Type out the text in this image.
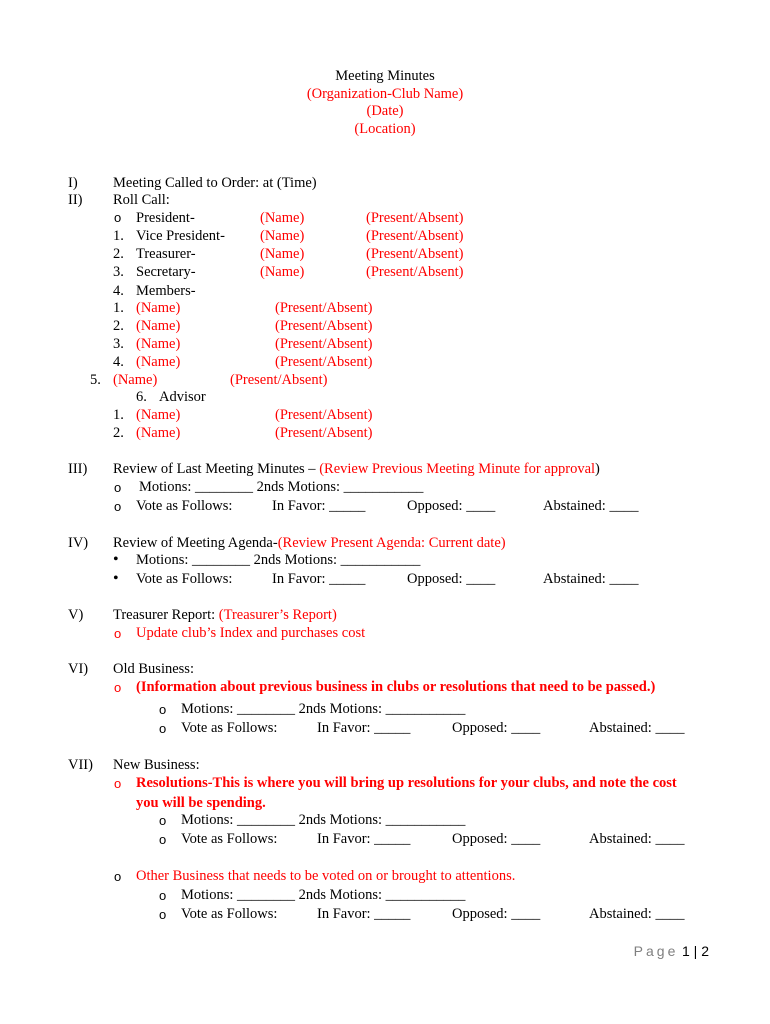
Meeting Minutes
(Organization-Club Name)
(Date)
(Location)
I) Meeting Called to Order: at (Time)
II) Roll Call:
o President-	(Name)	(Present/Absent)
1. Vice President- (Name)	(Present/Absent)
2. Treasurer-	(Name)	(Present/Absent)
3. Secretary-	(Name)	(Present/Absent)
4. Members-
1. (Name)	(Present/Absent)
2. (Name)	(Present/Absent)
3. (Name)	(Present/Absent)
4. (Name)	(Present/Absent)
5. (Name)	(Present/Absent)
6. Advisor
1. (Name)	(Present/Absent)
2. (Name)	(Present/Absent)
III) Review of Last Meeting Minutes – (Review Previous Meeting Minute for approval)
o Motions: ________ 2nds Motions: ___________
o Vote as Follows:	In Favor: _____	Opposed: ____	Abstained: ____
IV) Review of Meeting Agenda-(Review Present Agenda: Current date)
• Motions: ________ 2nds Motions: ___________
• Vote as Follows:	In Favor: _____	Opposed: ____	Abstained: ____
V) Treasurer Report: (Treasurer’s Report)
o Update club’s Index and purchases cost
VI) Old Business:
o (Information about previous business in clubs or resolutions that need to be passed.)
o Motions: ________ 2nds Motions: ___________
o Vote as Follows:	In Favor: _____	Opposed: ____	Abstained: ____
VII) New Business:
o Resolutions-This is where you will bring up resolutions for your clubs, and note the cost
you will be spending.
o Motions: ________ 2nds Motions: ___________
o Vote as Follows:	In Favor: _____	Opposed: ____	Abstained: ____
o Other Business that needs to be voted on or brought to attentions.
o Motions: ________ 2nds Motions: ___________
o Vote as Follows:	In Favor: _____	Opposed: ____	Abstained: ____
Page 1 | 2
